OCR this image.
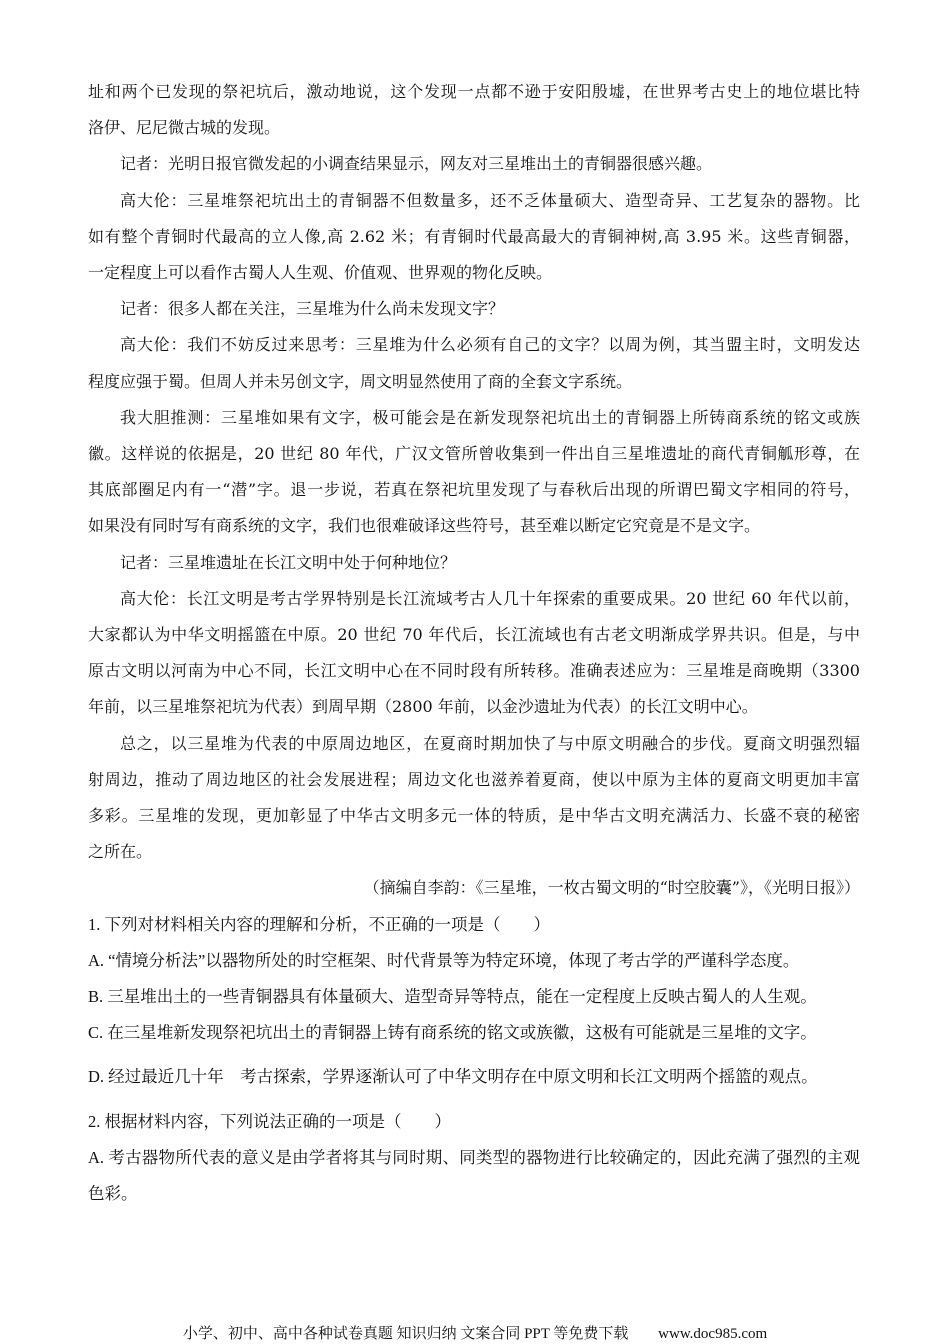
址和两个已发现的祭祀坑后，激动地说，这个发现一点都不逊于安阳殷墟，在世界考古史上的地位堪比特
洛伊、尼尼微古城的发现。
记者：光明日报官微发起的小调查结果显示，网友对三星堆出土的青铜器很感兴趣。
高大伦：三星堆祭祀坑出土的青铜器不但数量多，还不乏体量硕大、造型奇异、工艺复杂的器物。比
如有整个青铜时代最高的立人像,高 2.62 米；有青铜时代最高最大的青铜神树,高 3.95 米。这些青铜器，
一定程度上可以看作古蜀人人生观、价值观、世界观的物化反映。
记者：很多人都在关注，三星堆为什么尚未发现文字？
高大伦：我们不妨反过来思考：三星堆为什么必须有自己的文字？以周为例，其当盟主时，文明发达
程度应强于蜀。但周人并未另创文字，周文明显然使用了商的全套文字系统。
我大胆推测：三星堆如果有文字，极可能会是在新发现祭祀坑出土的青铜器上所铸商系统的铭文或族
徽。这样说的依据是，20 世纪 80 年代，广汉文管所曾收集到一件出自三星堆遗址的商代青铜觚形尊，在
其底部圈足内有一“潜”字。退一步说，若真在祭祀坑里发现了与春秋后出现的所谓巴蜀文字相同的符号，
如果没有同时写有商系统的文字，我们也很难破译这些符号，甚至难以断定它究竟是不是文字。
记者：三星堆遗址在长江文明中处于何种地位？
高大伦：长江文明是考古学界特别是长江流域考古人几十年探索的重要成果。20 世纪 60 年代以前，
大家都认为中华文明摇篮在中原。20 世纪 70 年代后，长江流域也有古老文明渐成学界共识。但是，与中
原古文明以河南为中心不同，长江文明中心在不同时段有所转移。准确表述应为：三星堆是商晚期（3300
年前，以三星堆祭祀坑为代表）到周早期（2800 年前，以金沙遗址为代表）的长江文明中心。
总之，以三星堆为代表的中原周边地区，在夏商时期加快了与中原文明融合的步伐。夏商文明强烈辐
射周边，推动了周边地区的社会发展进程；周边文化也滋养着夏商，使以中原为主体的夏商文明更加丰富
多彩。三星堆的发现，更加彰显了中华古文明多元一体的特质，是中华古文明充满活力、长盛不衰的秘密
之所在。
（摘编自李韵：《三星堆，一枚古蜀文明的“时空胶囊”》，《光明日报》）
1. 下列对材料相关内容的理解和分析，不正确的一项是（　　）
A. “情境分析法”以器物所处的时空框架、时代背景等为特定环境，体现了考古学的严谨科学态度。
B. 三星堆出土的一些青铜器具有体量硕大、造型奇异等特点，能在一定程度上反映古蜀人的人生观。
C. 在三星堆新发现祭祀坑出土的青铜器上铸有商系统的铭文或族徽，这极有可能就是三星堆的文字。
D. 经过最近几十年　考古探索，学界逐渐认可了中华文明存在中原文明和长江文明两个摇篮的观点。
2. 根据材料内容，下列说法正确的一项是（　　）
A. 考古器物所代表的意义是由学者将其与同时期、同类型的器物进行比较确定的，因此充满了强烈的主观
色彩。
小学、初中、高中各种试卷真题 知识归纳 文案合同 PPT 等免费下载 www.doc985.com
